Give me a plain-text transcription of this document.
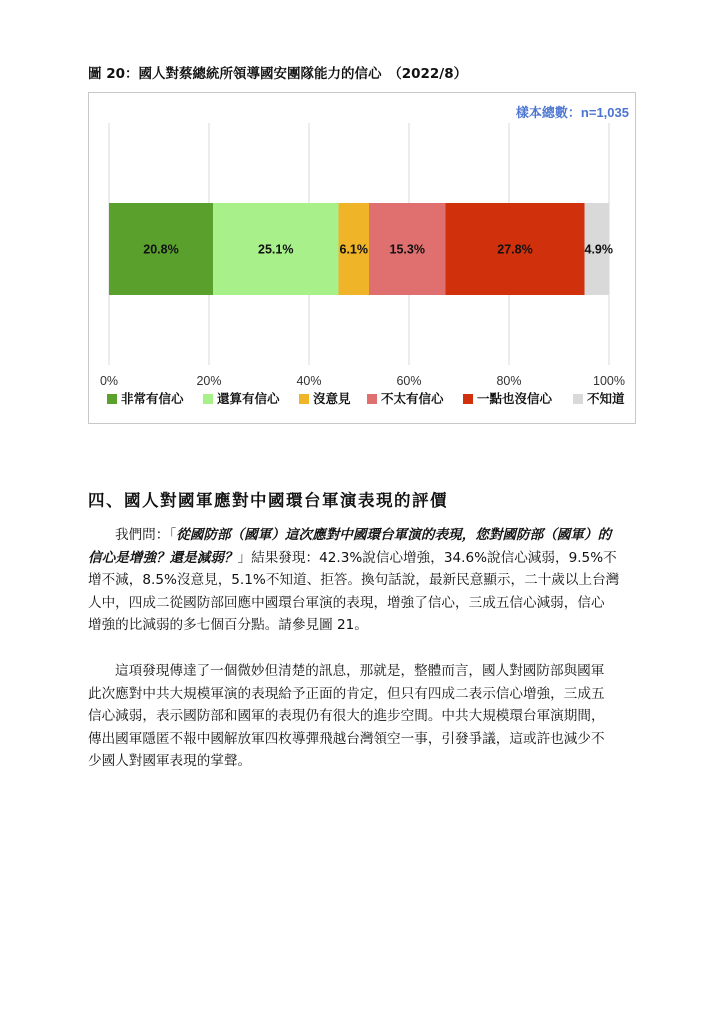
圖 20：國人對蔡總統所領導國安團隊能力的信心　（2022/8）
樣本總數：n=1,035
20.8%	25.1%	6.1% 15.3%	27.8%	4.9%
0%	20%	40%	60%	80%	100%
非常有信心	還算有信心	沒意見 不太有信心	一點也沒信心	不知道
四、國人對國軍應對中國環台軍演表現的評價

我們問：「從國防部（國軍）這次應對中國環台軍演的表現，您對國防部（國軍）的
信心是增強？還是減弱？」結果發現：42.3%說信心增強，34.6%說信心減弱，9.5%不
增不減，8.5%沒意見，5.1%不知道、拒答。換句話說，最新民意顯示，二十歲以上台灣
人中，四成二從國防部回應中國環台軍演的表現，增強了信心，三成五信心減弱，信心
增強的比減弱的多七個百分點。請參見圖 21。

這項發現傳達了一個微妙但清楚的訊息，那就是，整體而言，國人對國防部與國軍
此次應對中共大規模軍演的表現給予正面的肯定，但只有四成二表示信心增強，三成五
信心減弱，表示國防部和國軍的表現仍有很大的進步空間。中共大規模環台軍演期間，
傳出國軍隱匿不報中國解放軍四枚導彈飛越台灣領空一事，引發爭議，這或許也減少不
少國人對國軍表現的掌聲。
